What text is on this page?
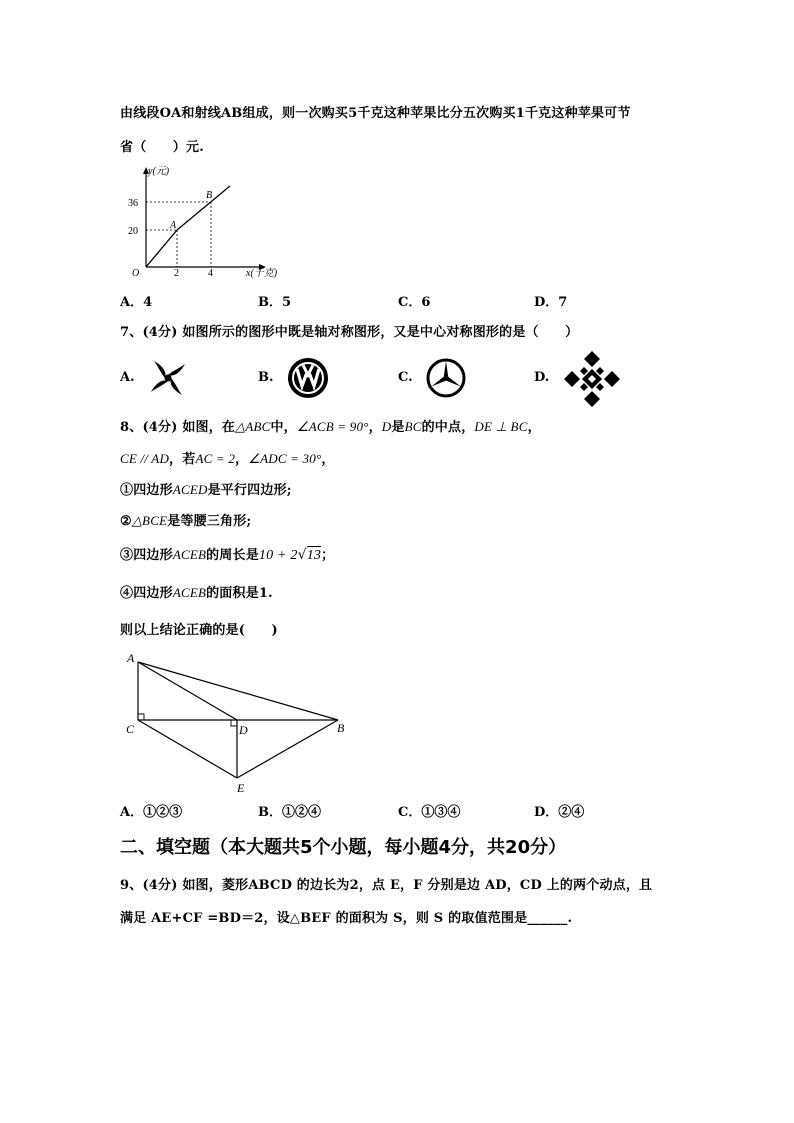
由线段OA和射线AB组成，则一次购买5千克这种苹果比分五次购买1千克这种苹果可节
省（　　）元.
y(元)
x(千克)
O
36
20
2	4
A
B
A．4	B．5	C．6	D．7
7、(4分) 如图所示的图形中既是轴对称图形，又是中心对称图形的是（　　）
A.	B.	C.	D.
8、(4分) 如图，在△ABC中，∠ACB = 90°，D是BC的中点，DE ⊥ BC，
CE // AD，若AC = 2，∠ADC = 30°，
①四边形ACED是平行四边形;
②△BCE是等腰三角形;
③四边形ACEB的周长是10 + 2√13；
④四边形ACEB的面积是1.
则以上结论正确的是(　　)
A
C	D	B
E
A．①②③	B．①②④	C．①③④	D．②④
二、填空题（本大题共5个小题，每小题4分，共20分）
9、(4分) 如图，菱形ABCD 的边长为2，点 E，F 分别是边 AD，CD 上的两个动点，且
满足 AE+CF =BD＝2，设△BEF 的面积为 S，则 S 的取值范围是______.
